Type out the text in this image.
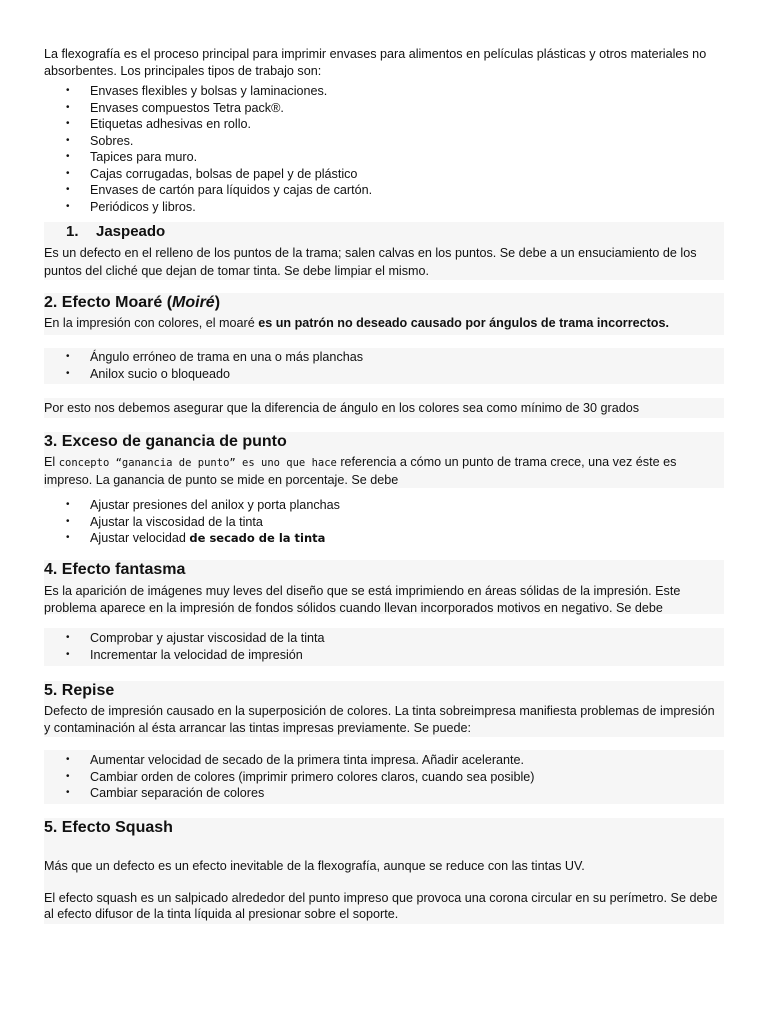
La flexografía es el proceso principal para imprimir envases para alimentos en películas plásticas y otros materiales no absorbentes. Los principales tipos de trabajo son:

• Envases flexibles y bolsas y laminaciones.
• Envases compuestos Tetra pack®.
• Etiquetas adhesivas en rollo.
• Sobres.
• Tapices para muro.
• Cajas corrugadas, bolsas de papel y de plástico
• Envases de cartón para líquidos y cajas de cartón.
• Periódicos y libros.
1. Jaspeado

Es un defecto en el relleno de los puntos de la trama; salen calvas en los puntos. Se debe a un ensuciamiento de los puntos del cliché que dejan de tomar tinta. Se debe limpiar el mismo.

2. Efecto Moaré (Moiré)

En la impresión con colores, el moaré es un patrón no deseado causado por ángulos de trama incorrectos.

• Ángulo erróneo de trama en una o más planchas
• Anilox sucio o bloqueado

Por esto nos debemos asegurar que la diferencia de ángulo en los colores sea como mínimo de 30 grados

3. Exceso de ganancia de punto

El concepto “ganancia de punto” es uno que hace referencia a cómo un punto de trama crece, una vez éste es impreso. La ganancia de punto se mide en porcentaje. Se debe

• Ajustar presiones del anilox y porta planchas
• Ajustar la viscosidad de la tinta
• Ajustar velocidad de secado de la tinta
4. Efecto fantasma

Es la aparición de imágenes muy leves del diseño que se está imprimiendo en áreas sólidas de la impresión. Este problema aparece en la impresión de fondos sólidos cuando llevan incorporados motivos en negativo. Se debe

• Comprobar y ajustar viscosidad de la tinta
• Incrementar la velocidad de impresión
5. Repise

Defecto de impresión causado en la superposición de colores. La tinta sobreimpresa manifiesta problemas de impresión y contaminación al ésta arrancar las tintas impresas previamente. Se puede:

• Aumentar velocidad de secado de la primera tinta impresa. Añadir acelerante.
• Cambiar orden de colores (imprimir primero colores claros, cuando sea posible)
• Cambiar separación de colores
5. Efecto Squash

Más que un defecto es un efecto inevitable de la flexografía, aunque se reduce con las tintas UV.

El efecto squash es un salpicado alrededor del punto impreso que provoca una corona circular en su perímetro. Se debe al efecto difusor de la tinta líquida al presionar sobre el soporte.
